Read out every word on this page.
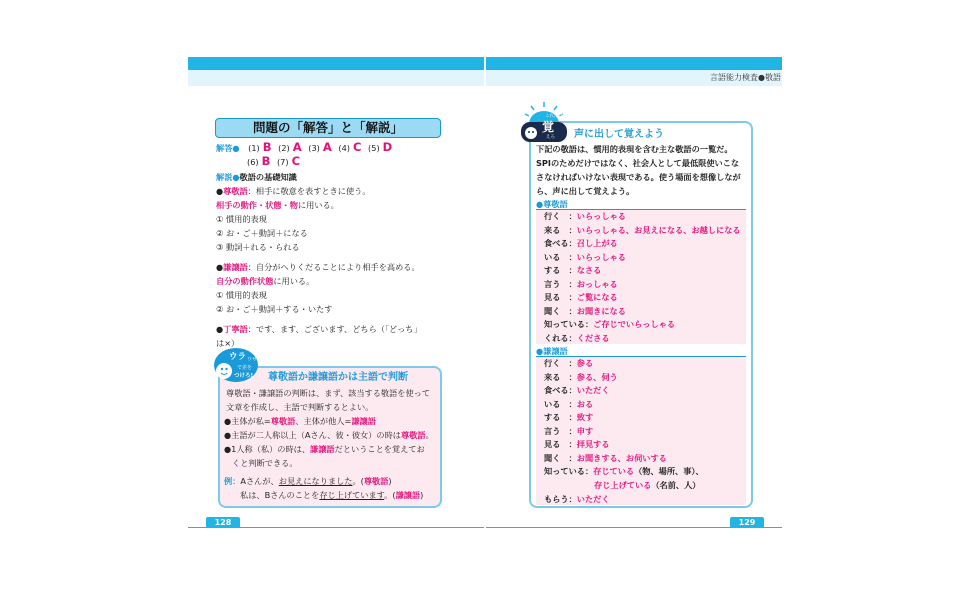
言語能力検査●敬語
128	129
問題の「解答」と「解説」
解答● (1) B (2) A (3) A (4) C (5) D
(6) B (7) C
解説●敬語の基礎知識
●尊敬語：相手に敬意を表すときに使う。
相手の動作・状態・物に用いる。
① 慣用的表現
② お・ご＋動詞＋になる
③ 動詞＋れる・られる
●謙譲語：自分がへりくだることにより相手を高める。
自分の動作状態に用いる。
① 慣用的表現
② お・ご＋動詞＋する・いたす
●丁寧語：です、ます、ございます、どちら（「どっち」
は×）
ウラ ワザ
で差を
つけろ! 尊敬語か謙譲語かは主語で判断
尊敬語・謙譲語の判断は、まず、該当する敬語を使って
文章を作成し、主語で判断するとよい。
●主体が私=尊敬語、主体が他人=謙譲語
●主語が二人称以上（Aさん、彼・彼女）の時は尊敬語。
●1人称（私）の時は、謙譲語だということを覚えてお
くと判断できる。
例：Aさんが、お見えになりました。(尊敬語)
私は、Bさんのことを存じ上げています。(謙譲語)
これだけ
覚
えろ 声に出して覚えよう
下記の敬語は、慣用的表現を含む主な敬語の一覧だ。
SPIのためだけではなく、社会人として最低限使いこな
さなければいけない表現である。使う場面を想像しなが
ら、声に出して覚えよう。
●尊敬語
行く　：いらっしゃる
来る　：いらっしゃる、お見えになる、お越しになる
食べる：召し上がる
いる　：いらっしゃる
する　：なさる
言う　：おっしゃる
見る　：ご覧になる
聞く　：お聞きになる
知っている：ご存じでいらっしゃる
くれる：くださる
●謙譲語
行く　：参る
来る　：参る、伺う
食べる：いただく
いる　：おる
する　：致す
言う　：申す
見る　：拝見する
聞く　：お聞きする、お伺いする
知っている：存じている（物、場所、事）、
存じ上げている（名前、人）
もらう：いただく
